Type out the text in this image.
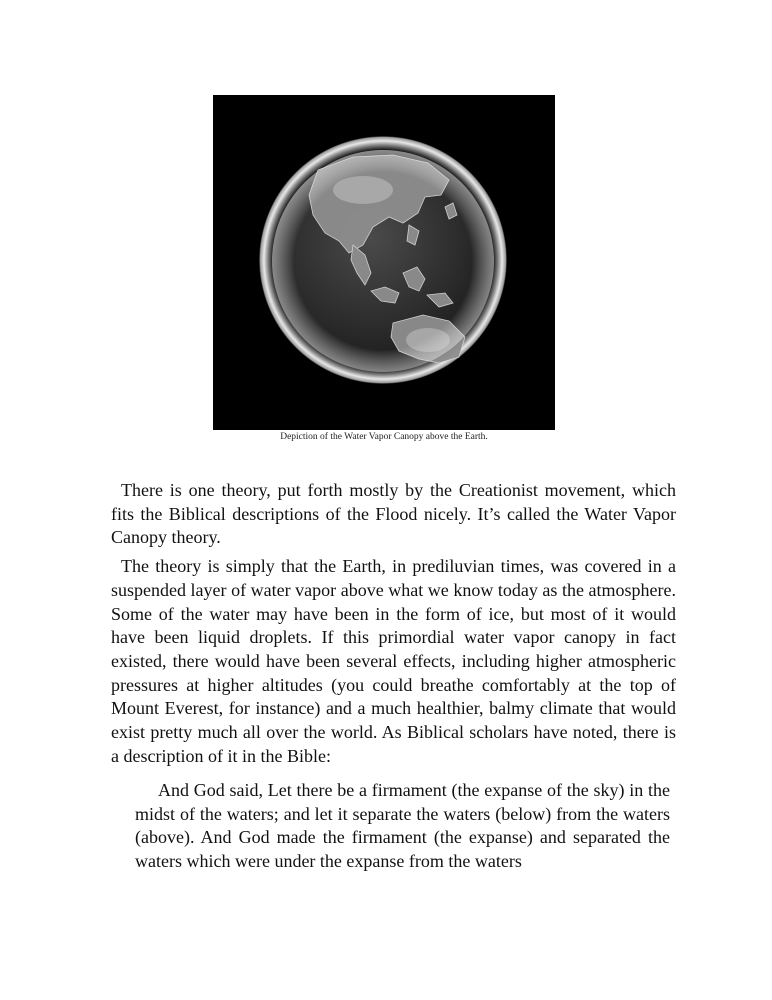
Depiction of the Water Vapor Canopy above the Earth.

There is one theory, put forth mostly by the Creationist movement, which fits the Biblical descriptions of the Flood nicely. It’s called the Water Vapor Canopy theory.

The theory is simply that the Earth, in prediluvian times, was covered in a suspended layer of water vapor above what we know today as the atmosphere. Some of the water may have been in the form of ice, but most of it would have been liquid droplets. If this primordial water vapor canopy in fact existed, there would have been several effects, including higher atmospheric pressures at higher altitudes (you could breathe comfortably at the top of Mount Everest, for instance) and a much healthier, balmy climate that would exist pretty much all over the world. As Biblical scholars have noted, there is a description of it in the Bible:

And God said, Let there be a firmament (the expanse of the sky) in the midst of the waters; and let it separate the waters (below) from the waters (above). And God made the firmament (the expanse) and separated the waters which were under the expanse from the waters
